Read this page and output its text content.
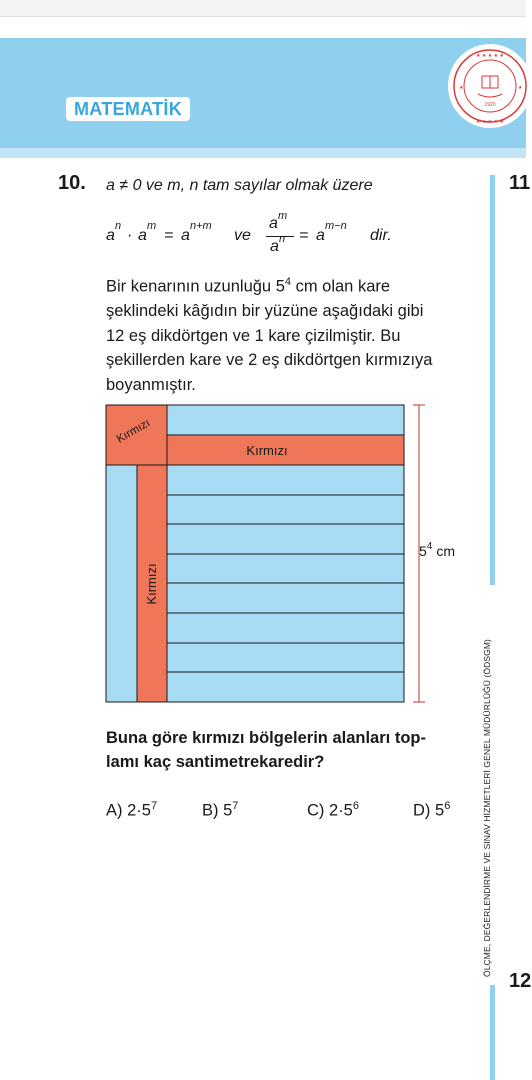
MATEMATİK
★ ★ ★ ★ ★
★ ★ ★ ★ ★
★	★
1920
11
12
ÖLÇME, DEĞERLENDİRME VE SINAV HİZMETLERİ GENEL MÜDÜRLÜĞÜ (ÖDSGM)
10. a ≠ 0 ve m, n tam sayılar olmak üzere
a
n
· a
m
= a
n+m
ve
a m
a n = a
m−n
dir.
Bir kenarının uzunluğu $5^4$ cm olan kare
şeklindeki kâğıdın bir yüzüne aşağıdaki gibi
12 eş dikdörtgen ve 1 kare çizilmiştir. Bu
şekillerden kare ve 2 eş dikdörtgen kırmızıya
boyanmıştır.
Kırmızı
Kırmızı
Kırmızı
$5^4$ cm
Buna göre kırmızı bölgelerin alanları top-
lamı kaç santimetrekaredir?
A) $2\cdot 5^7$	B) $5^7$	C) $2\cdot 5^6$	D) $5^6$
